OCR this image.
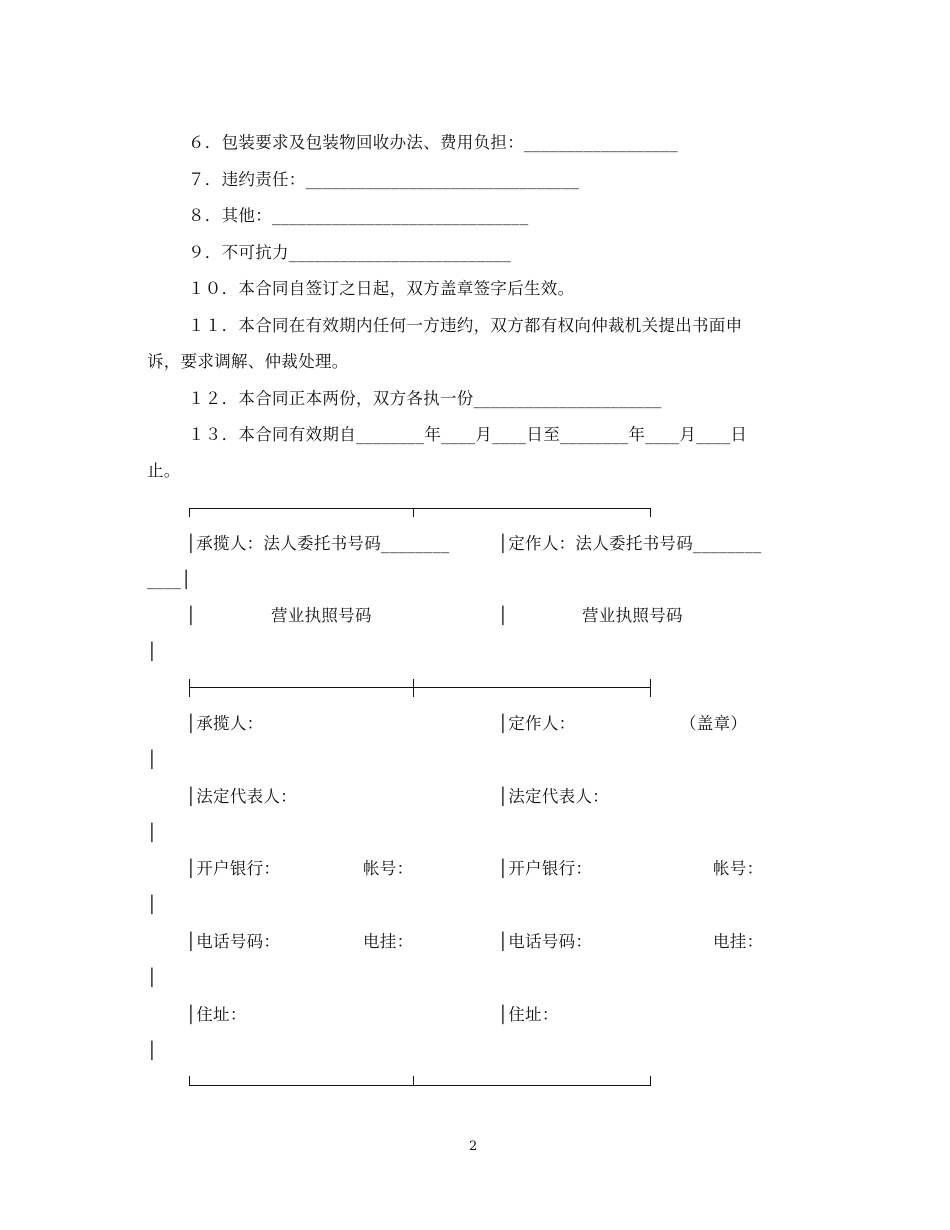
６．包装要求及包装物回收办法、费用负担：__________________
７．违约责任：________________________________
８．其他：______________________________
９．不可抗力__________________________
１０．本合同自签订之日起，双方盖章签字后生效。
１１．本合同在有效期内任何一方违约，双方都有权向仲裁机关提出书面申
诉，要求调解、仲裁处理。
１２．本合同正本两份，双方各执一份______________________
１３．本合同有效期自________年____月____日至________年____月____日
止。
│承揽人：法人委托书号码________	│定作人：法人委托书号码________
____│
│	营业执照号码	│	营业执照号码
│
│承揽人：	│定作人：	（盖章）
│
│法定代表人：	│法定代表人：
│
│开户银行：	帐号：	│开户银行：	帐号：
│
│电话号码：	电挂：	│电话号码：	电挂：
│
│住址：	│住址：
│
2
